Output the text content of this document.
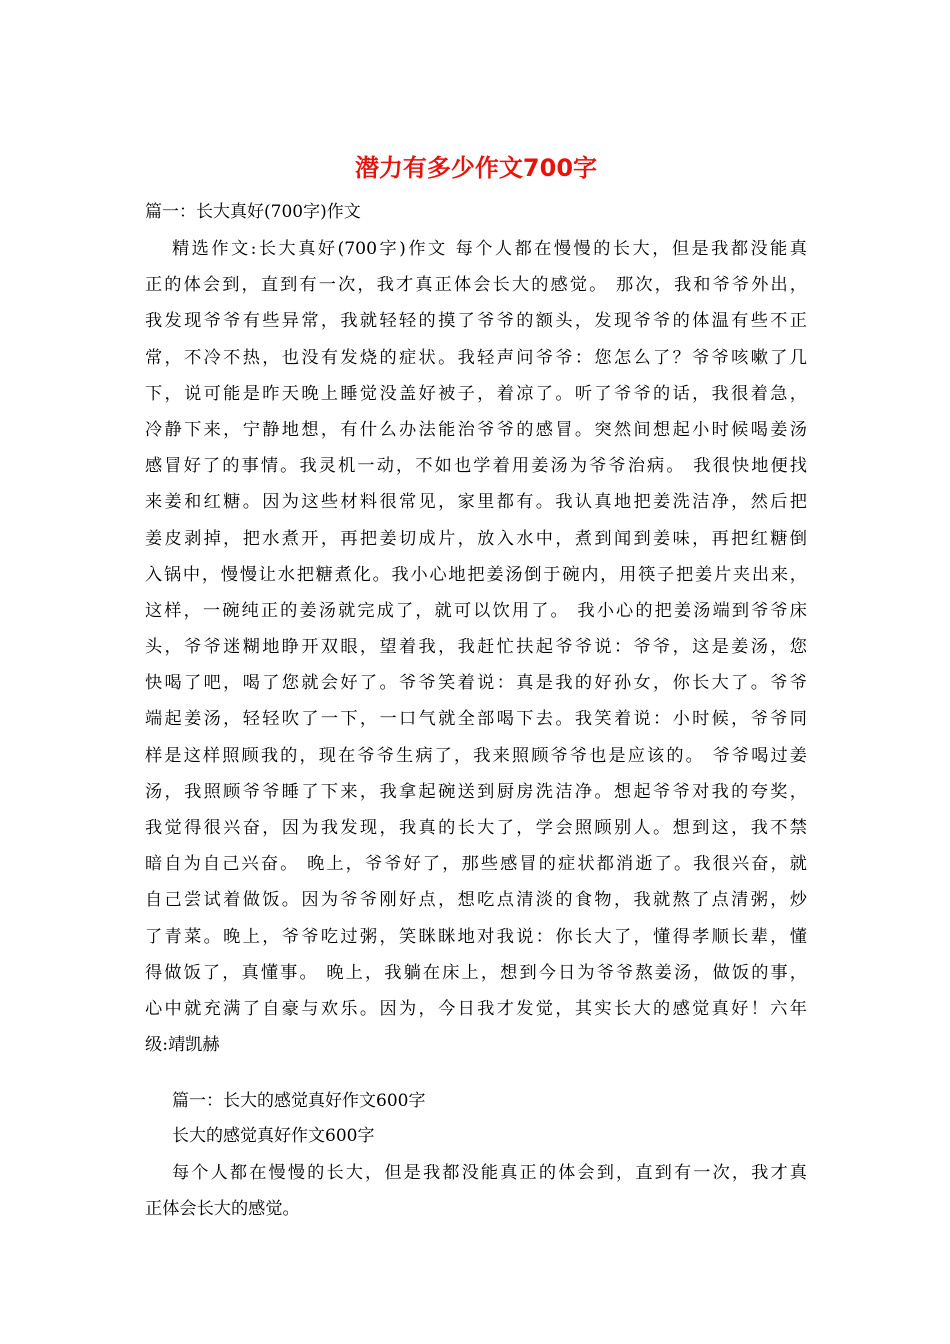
潜力有多少作文700字

篇一：长大真好(700字)作文

精选作文:长大真好(700字)作文 每个人都在慢慢的长大，但是我都没能真
正的体会到，直到有一次，我才真正体会长大的感觉。 那次，我和爷爷外出，
我发现爷爷有些异常，我就轻轻的摸了爷爷的额头，发现爷爷的体温有些不正
常，不冷不热，也没有发烧的症状。我轻声问爷爷：您怎么了？爷爷咳嗽了几
下，说可能是昨天晚上睡觉没盖好被子，着凉了。听了爷爷的话，我很着急，
冷静下来，宁静地想，有什么办法能治爷爷的感冒。突然间想起小时候喝姜汤
感冒好了的事情。我灵机一动，不如也学着用姜汤为爷爷治病。 我很快地便找
来姜和红糖。因为这些材料很常见，家里都有。我认真地把姜洗洁净，然后把
姜皮剥掉，把水煮开，再把姜切成片，放入水中，煮到闻到姜味，再把红糖倒
入锅中，慢慢让水把糖煮化。我小心地把姜汤倒于碗内，用筷子把姜片夹出来，
这样，一碗纯正的姜汤就完成了，就可以饮用了。 我小心的把姜汤端到爷爷床
头，爷爷迷糊地睁开双眼，望着我，我赶忙扶起爷爷说：爷爷，这是姜汤，您
快喝了吧，喝了您就会好了。爷爷笑着说：真是我的好孙女，你长大了。爷爷
端起姜汤，轻轻吹了一下，一口气就全部喝下去。我笑着说：小时候，爷爷同
样是这样照顾我的，现在爷爷生病了，我来照顾爷爷也是应该的。 爷爷喝过姜
汤，我照顾爷爷睡了下来，我拿起碗送到厨房洗洁净。想起爷爷对我的夸奖，
我觉得很兴奋，因为我发现，我真的长大了，学会照顾别人。想到这，我不禁
暗自为自己兴奋。 晚上，爷爷好了，那些感冒的症状都消逝了。我很兴奋，就
自己尝试着做饭。因为爷爷刚好点，想吃点清淡的食物，我就熬了点清粥，炒
了青菜。晚上，爷爷吃过粥，笑眯眯地对我说：你长大了，懂得孝顺长辈，懂
得做饭了，真懂事。 晚上，我躺在床上，想到今日为爷爷熬姜汤，做饭的事，
心中就充满了自豪与欢乐。因为，今日我才发觉，其实长大的感觉真好！六年
级:靖凯赫

篇一：长大的感觉真好作文600字

长大的感觉真好作文600字

每个人都在慢慢的长大，但是我都没能真正的体会到，直到有一次，我才真
正体会长大的感觉。
